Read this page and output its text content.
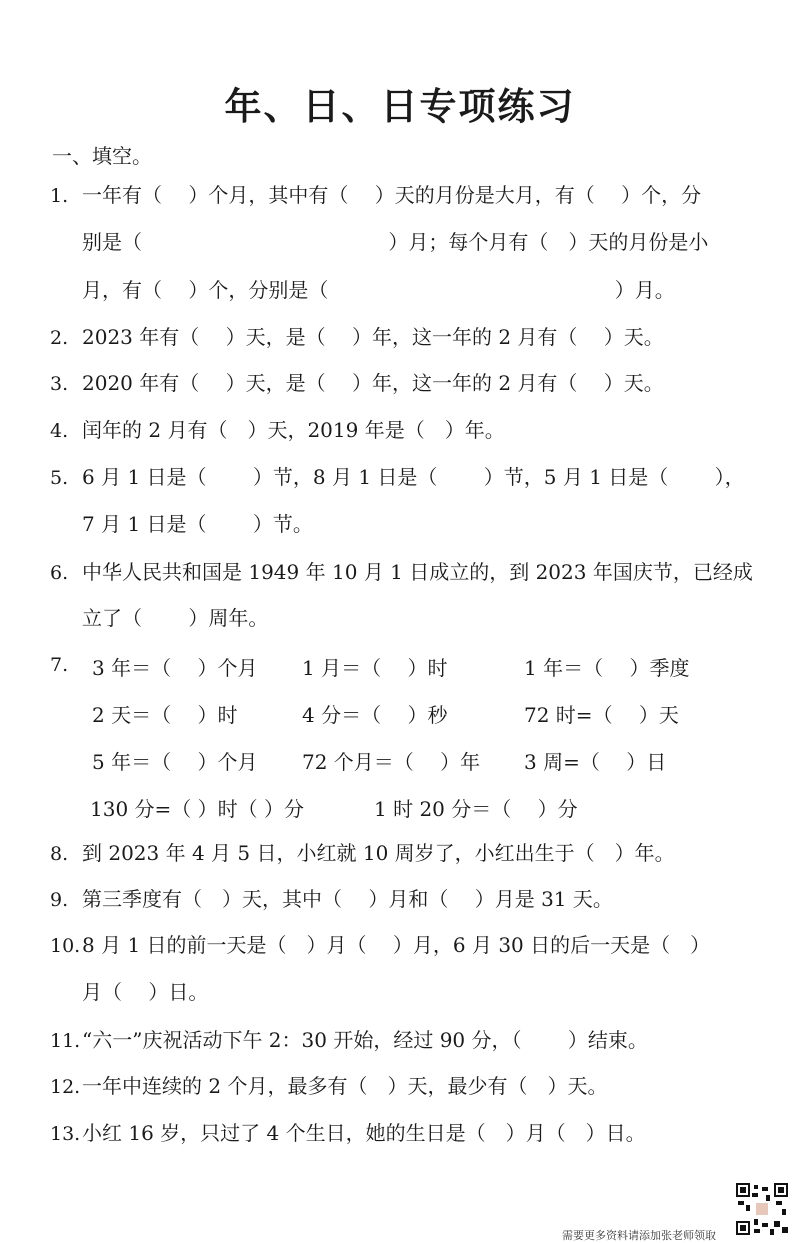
年、日、日专项练习
一、填空。
1. 一年有（　 ）个月，其中有（　 ）天的月份是大月，有（　 ）个，分
别是（　　　　　　　　　　　　 ）月；每个月有（　）天的月份是小
月，有（　 ）个，分别是（　　　　　　　　　　　　　　 ）月。
2. 2023 年有（　 ）天，是（　 ）年，这一年的 2 月有（　 ）天。
3. 2020 年有（　 ）天，是（　 ）年，这一年的 2 月有（　 ）天。
4. 闰年的 2 月有（　）天，2019 年是（　）年。
5. 6 月 1 日是（　　 ）节，8 月 1 日是（　　 ）节，5 月 1 日是（　　 ），
7 月 1 日是（　　 ）节。
6. 中华人民共和国是 1949 年 10 月 1 日成立的，到 2023 年国庆节，已经成
立了（　　 ）周年。
8. 到 2023 年 4 月 5 日，小红就 10 周岁了，小红出生于（　）年。
9. 第三季度有（　）天，其中（　 ）月和（　 ）月是 31 天。
10. 8 月 1 日的前一天是（　）月（　 ）月，6 月 30 日的后一天是（　）
月（　 ）日。
11. “六一”庆祝活动下午 2：30 开始，经过 90 分，（　　 ）结束。
12. 一年中连续的 2 个月，最多有（　）天，最少有（　）天。
13. 小红 16 岁，只过了 4 个生日，她的生日是（　）月（　）日。
7. 3 年＝（　 ）个月 1 月＝（　 ）时	1 年＝（　 ）季度
2 天＝（　 ）时	4 分＝（　 ）秒	72 时=（　 ）天
5 年＝（　 ）个月 72 个月＝（　 ）年 3 周=（　 ）日
130 分=（ ）时（ ）分	1 时 20 分＝（　 ）分
需要更多资料请添加张老师领取
